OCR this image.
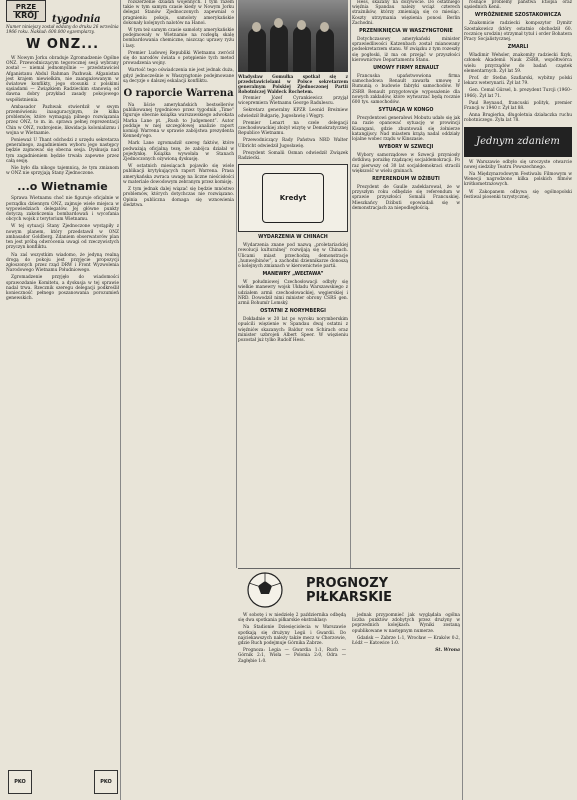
PRZE
KRÓJ tygodnia
Numer niniejszy został oddany do druku 26 września 1966 roku. Nakład: 600.000 egzemplarzy.
W ONZ...

W Nowym Jorku obraduje Zgromadzenie Ogólne ONZ. Przewodniczącym tegorocznej sesji wybrany został — niemal jednomyślnie — przedstawiciel Afganistanu Abdul Rahman Pazhwak. Afganistan jest krajem niewielkim, nie zaangażowanym w światowe konflikty, jego stosunki z polskimi sąsiadami — Związkiem Radzieckim stanowią od dawna dobry przykład zasady pokojowego współistnienia.

Ambasador Pazhwak stwierdził w swym przemówieniu inauguracyjnym, że kilka problemów, które wymagają pilnego rozwiązania przez ONZ, to m. in. sprawa pełnej reprezentacji Chin w ONZ, rozbrojenie, likwidacja kolonializmu i wojna w Wietnamie.

Ponieważ U Thant odchodzi z urzędu sekretarza generalnego, zagadnieniem wyboru jego następcy będzie zajmować się obecna sesja. Dyskusja nad tym zagadnieniem będzie trwała zapewne przez całą sesję.

Nie było dla nikogo tajemnicą, że tym zmianom w ONZ nie sprzyjają Stany Zjednoczone.

...o Wietnamie

Sprawa Wietnamu choć nie figuruje oficjalnie w porządku dziennym ONZ, zajmuje wiele miejsca w wypowiedziach delegatów. Jej główne punkty dotyczą zakończenia bombardowań i wycofania obcych wojsk z terytorium Wietnamu.

W tej sytuacji Stany Zjednoczone wystąpiły z nowym planem, który przedstawił w ONZ ambasador Goldberg. Zdaniem obserwatorów plan ten jest próbą odwrócenia uwagi od rzeczywistych przyczyn konfliktu.

Na zaś wszystkim wiadomo, że jedyną realną drogą do pokoju jest przyjęcie propozycji zgłoszonych przez rząd DRW i Front Wyzwolenia Narodowego Wietnamu Południowego.

Zgromadzenie przyjęło do wiadomości sprawozdanie Komitetu, a dyskusja w tej sprawie nadal trwa. Rzecznik szeregu delegacji podkreślił konieczność pełnego poszanowania porozumień genewskich.

rozszerzenie działań wojennych. I tym razem takie w tym samym czasie kiedy w Nowym Jorku delegat Stanów Zjednoczonych zapewniał o pragnieniu pokoju, samoloty amerykańskie dokonały kolejnych nalotów na Hanoi.

W tym też samym czasie samoloty amerykańskie podejmowały w Wietnamie na rozległą skalę bombardowania chemiczne, niszcząc uprawy ryżu i lasy.

Premier Ludowej Republiki Wietnamu zwrócił się do narodów świata o potępienie tych metod prowadzenia wojny.

Wartość tego oświadczenia nie jest jednak duża, gdyż jednocześnie w Waszyngtonie podejmowane są decyzje o dalszej eskalacji konfliktu.

O raporcie Warrena

Na liście amerykańskich bestsellerów publikowanej tygodniowo przez tygodnik „Time” figuruje obecnie książka warszawskiego adwokata Marka Lane pt. „Rush to Judgement”. Autor poddaje w niej szczegółowej analizie raport komisji Warrena w sprawie zabójstwa prezydenta Kennedy'ego.

Mark Lane zgromadził szereg faktów, które podważają oficjalną tezę, że zabójca działał w pojedynkę. Książka wywołała w Stanach Zjednoczonych ożywioną dyskusję.

W ostatnich miesiącach pojawiło się wiele publikacji krytykujących raport Warrena. Prasa amerykańska zwraca uwagę na liczne nieścisłości w materiale dowodowym zebranym przez komisję.

Z tym jednak dalej wiązać się będzie mnóstwo problemów, których dotychczas nie rozwiązano. Opinia publiczna domaga się wznowienia śledztwa.

Władysław Gomułka spotkał się z przedstawicielami w Polsce sekretarzem generalnym Polskiej Zjednoczonej Partii Robotniczej Waldeck Rochetem.

Premier Józef Cyrankiewicz przyjął wicepremiera Wietnamu George Radulescu.

Sekretarz generalny KPZR Leonid Breżniew odwiedził Bułgarię, Jugosławię i Węgry.

Premier Lenart na czele delegacji czechosłowackiej złożył wizytę w Demokratycznej Republice Wietnamu.

Przewodniczący Rady Państwa NRD Walter Ulbricht odwiedził Jugosławię.

Prezydent Somalii Osman odwiedził Związek Radziecki.

Kredyt
WYDARZENIA W CHINACH

Wydarzenia znane pod nazwą „proletariackiej rewolucji kulturalnej” rozwijają się w Chinach. Ulicami miast przechodzą demonstracje „hunwejbinów”, a zachodni dziennikarze donoszą o kolejnych zmianach w kierownictwie partii.

MANEWRY „WEŁTAWA”

W południowej Czechosłowacji odbyły się wielkie manewry wojsk Układu Warszawskiego z udziałem armii czechosłowackiej, węgierskiej i NRD. Dowodził nimi minister obrony CSRS gen. armii Bohumír Lomský.

OSTATNI Z NORYMBERGI

Dokładnie w 20 lat po wyroku norymberskim opuścili więzienie w Spandau dwaj ostatni z więźniów skazanych: Baldur von Schirach oraz minister uzbrojeń Albert Speer. W więzieniu pozostał już tylko Rudolf Hess.

Hess, skazany na dożywocie. Do ostatniego więźnia Spandau należy wciąż czterech strażników, którzy zmieniają się co miesiąc. Koszty utrzymania więzienia ponosi Berlin Zachodni.

PRZENIKNIĘCIA W WASZYNGTONIE

Dotychczasowy amerykański minister sprawiedliwości Katzenbach został mianowany podsekretarzem stanu. W związku z tym rozeszły się pogłoski, iż ma on przejąć w przyszłości kierownictwo Departamentu Stanu.

UMOWY FIRMY RENAULT

Francuska upaństwowiona firma samochodowa Renault zawarła umowę z Rumunią o budowie fabryki samochodów. W ZSRR Renault przygotowuje wyposażenie dla nowych zakładów, które wytwarzać będą rocznie 600 tys. samochodów.

SYTUACJA W KONGO

Prezydentowi generałowi Mobutu udało się jak na razie opanować sytuację w prowincji Kisangani, gdzie zbuntowali się żołnierze katangijscy. Nad miastem krążą nadal oddziały lojalne wobec rządu w Kinszasie.

WYBORY W SZWECJI

Wybory samorządowe w Szwecji przyniosły dotkliwą porażkę rządzącej socjaldemokracji. Po raz pierwszy od 30 lat socjaldemokraci stracili większość w wielu gminach.

REFERENDUM W DŻIBUTI

Prezydent de Gaulle zadeklarował, że w przyszłym roku odbędzie się referendum w sprawie przyszłości Somalii Francuskiej. Mieszkańcy Dżibuti opowiadali się w demonstracjach za niepodległością.

rosnące problemy państwa Etiopia oraz sąsiednich Kenii.

WYRÓŻNIENIE SZOSTAKOWICZA

Znakomicie radziecki kompozytor Dymitr Szostakowicz (który ostatnio obchodził 60. rocznicę urodzin) otrzymał tytuł i order Bohatera Pracy Socjalistycznej.

ZMARLI

Władimir Wehsler, znakomity radziecki fizyk, członek Akademii Nauk ZSRR, współtwórca wielu przyrządów do badań cząstek elementarnych. Żył lat 59.

Prof. dr Stefan Szaflarski, wybitny polski lekarz weterynarii. Żył lat 79.

Gen. Cemal Gürsel, b. prezydent Turcji (1960–1966). Żył lat 71.

Paul Reynaud, francuski polityk, premier Francji w 1940 r. Żył lat 88.

Anna Brugierka, długoletnia działaczka ruchu robotniczego. Żyła lat 78.

Jednym zdaniem

W Warszawie odbyło się uroczyste otwarcie nowej siedziby Teatru Powszechnego.

Na Międzynarodowym Festiwalu Filmowym w Wenecji nagrodzono kilka polskich filmów krótkometrażowych.

W Zakopanem odbywa się ogólnopolski festiwal piosenki turystycznej.

PROGNOZY PIŁKARSKIE

W sobotę i w niedzielę 2 października odbędą się dwa spotkania piłkarskie ekstraklasy:

Na Stadionie Dziesięciolecia w Warszawie spotkają się drużyny Legii i Gwardii. Do najciekawszych należy także mecz w Chorzowie, gdzie Ruch podejmuje Górnika Zabrze.

Prognoza: Legia — Gwardia 1:1, Ruch — Górnik 2:1, Wisła — Polonia 2:0, Odra — Zagłębie 1:0.

jednak przypomnieć jak wyglądała ogólna liczba punktów zdobytych przez drużyny w poprzednich kolejkach. Wyniki zostaną opublikowane w następnym numerze.

Gdańsk — Zabrze 1:1, Wrocław — Kraków 0:2, Łódź — Katowice 1:0.

St. Wrona
PKO	PKO
